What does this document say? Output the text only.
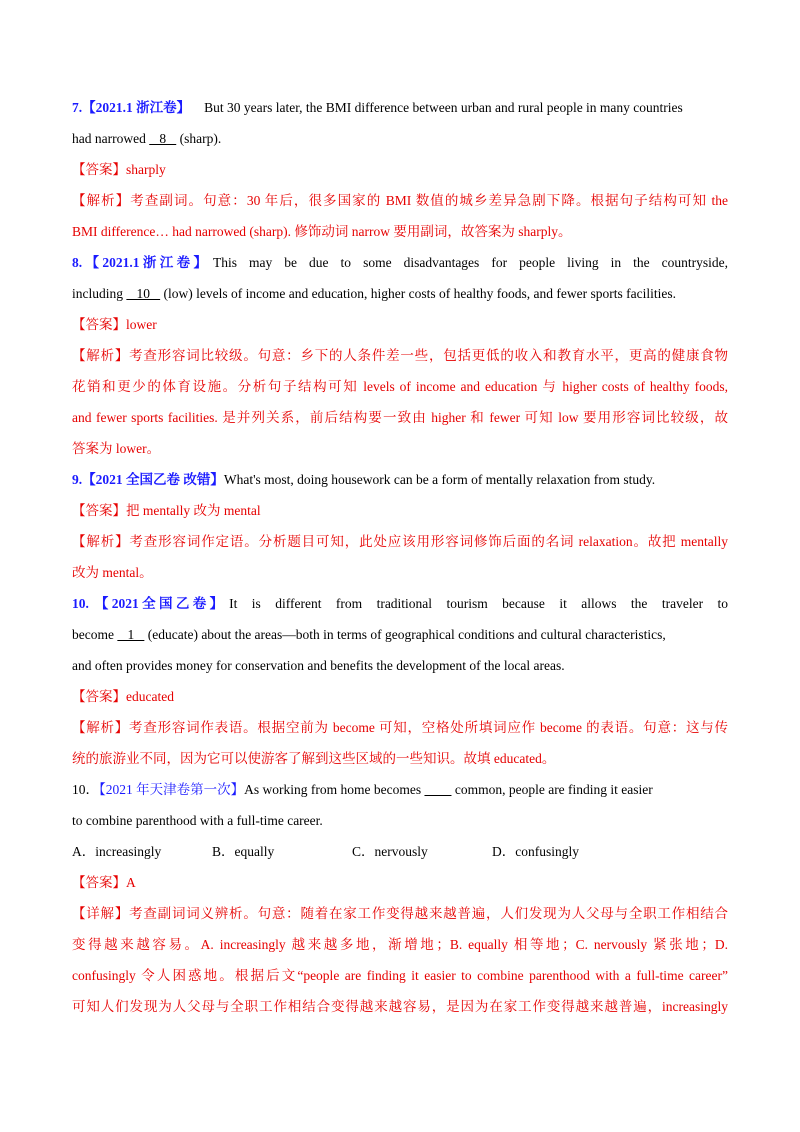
7.【2021.1 浙江卷】 But 30 years later, the BMI difference between urban and rural people in many countries
had narrowed    8    (sharp).
【答案】sharply
【解析】考查副词。句意：30 年后，很多国家的 BMI 数值的城乡差异急剧下降。根据句子结构可知 the
BMI difference… had narrowed (sharp). 修饰动词 narrow 要用副词，故答案为 sharply。
8. 【 2021.1 浙 江 卷 】 This may be due to some disadvantages for people living in the countryside,
including    10    (low) levels of income and education, higher costs of healthy foods, and fewer sports facilities.
【答案】lower
【解析】考查形容词比较级。句意：乡下的人条件差一些，包括更低的收入和教育水平，更高的健康食物
花销和更少的体育设施。分析句子结构可知 levels of income and education 与 higher costs of healthy foods,
and fewer sports facilities. 是并列关系，前后结构要一致由 higher 和 fewer 可知 low 要用形容词比较级，故
答案为 lower。
9.【2021 全国乙卷 改错】What's most, doing housework can be a form of mentally relaxation from study.
【答案】把 mentally 改为 mental
【解析】考查形容词作定语。分析题目可知，此处应该用形容词修饰后面的名词 relaxation。故把 mentally
改为 mental。
10. 【 2021 全 国 乙 卷 】 It is different from traditional tourism because it allows the traveler to
become    1    (educate) about the areas—both in terms of geographical conditions and cultural characteristics,
and often provides money for conservation and benefits the development of the local areas.
【答案】educated
【解析】考查形容词作表语。根据空前为 become 可知，空格处所填词应作 become 的表语。句意：这与传
统的旅游业不同，因为它可以使游客了解到这些区域的一些知识。故填 educated。
10．【2021 年天津卷第一次】As working from home becomes          common, people are finding it easier
to combine parenthood with a full-time career.
A．increasingly	B．equally	C．nervously	D．confusingly
【答案】A
【详解】考查副词词义辨析。句意：随着在家工作变得越来越普遍，人们发现为人父母与全职工作相结合
变得越来越容易。A. increasingly 越来越多地，渐增地；B. equally 相等地；C. nervously 紧张地；D.
confusingly 令人困惑地。根据后文“people are finding it easier to combine parenthood with a full-time career”
可知人们发现为人父母与全职工作相结合变得越来越容易，是因为在家工作变得越来越普遍，increasingly
